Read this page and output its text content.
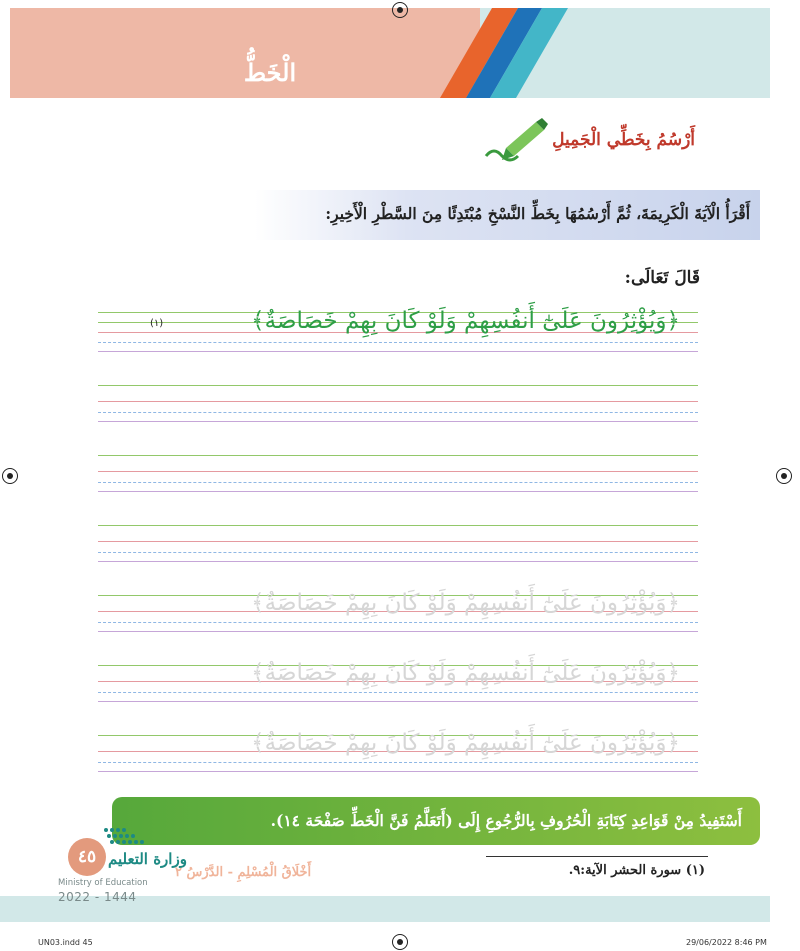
الْخَطُّ
أَرْسُمُ بِخَطِّي الْجَمِيلِ
أَقْرَأُ الْآيَةَ الْكَرِيمَةَ، ثُمَّ أَرْسُمُهَا بِخَطِّ النَّسْخِ مُبْتَدِئًا مِنَ السَّطْرِ الْأَخِيرِ:
قَالَ تَعَالَى:
﴿وَيُؤْثِرُونَ عَلَىٰٓ أَنفُسِهِمْ وَلَوْ كَانَ بِهِمْ خَصَاصَةٌ﴾
(١)
﴿وَيُؤْثِرُونَ عَلَىٰٓ أَنفُسِهِمْ وَلَوْ كَانَ بِهِمْ خَصَاصَةٌ﴾
﴿وَيُؤْثِرُونَ عَلَىٰٓ أَنفُسِهِمْ وَلَوْ كَانَ بِهِمْ خَصَاصَةٌ﴾
﴿وَيُؤْثِرُونَ عَلَىٰٓ أَنفُسِهِمْ وَلَوْ كَانَ بِهِمْ خَصَاصَةٌ﴾
أَسْتَفِيدُ مِنْ قَوَاعِدِ كِتَابَةِ الْحُرُوفِ بِالرُّجُوعِ إِلَى (أَتَعَلَّمُ فَنَّ الْخَطِّ صَفْحَة ١٤).
(١) سورة الحشر الآية:٩.
أَخْلَاقُ الْمُسْلِمِ - الدَّرْسُ ٢
٤٥ وزارة التعليم
Ministry of Education
2022 - 1444
UN03.indd 45	29/06/2022 8:46 PM
